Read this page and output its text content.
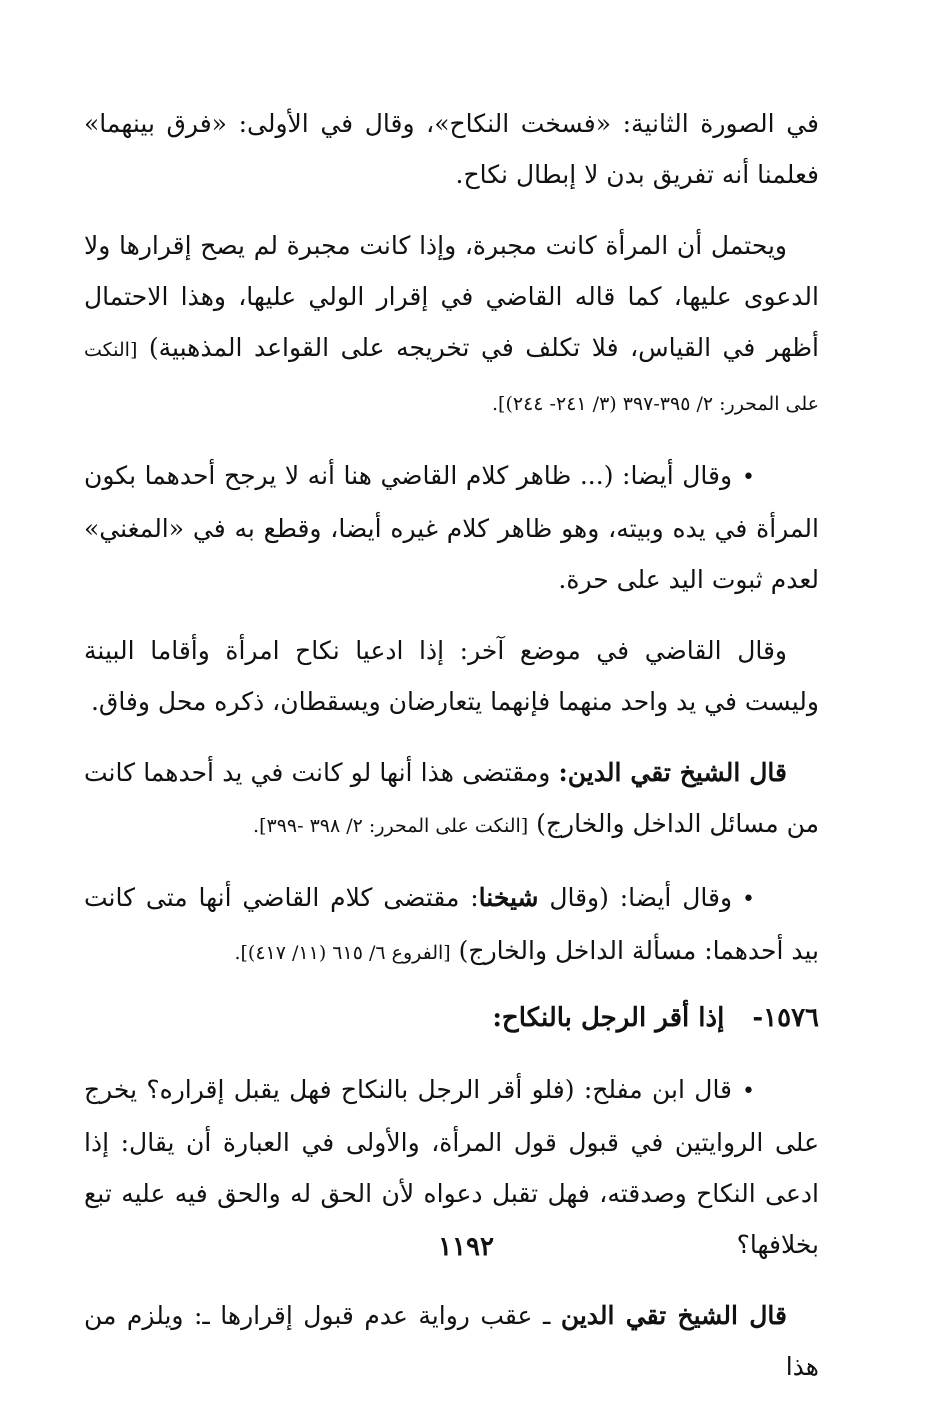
في الصورة الثانية: «فسخت النكاح»، وقال في الأولى: «فرق بينهما» فعلمنا أنه تفريق بدن لا إبطال نكاح.

ويحتمل أن المرأة كانت مجبرة، وإذا كانت مجبرة لم يصح إقرارها ولا الدعوى عليها، كما قاله القاضي في إقرار الولي عليها، وهذا الاحتمال أظهر في القياس، فلا تكلف في تخريجه على القواعد المذهبية) [النكت على المحرر: ٢/ ٣٩٥-٣٩٧ (٣/ ٢٤١- ٢٤٤)].

•وقال أيضا: (... ظاهر كلام القاضي هنا أنه لا يرجح أحدهما بكون المرأة في يده وبيته، وهو ظاهر كلام غيره أيضا، وقطع به في «المغني» لعدم ثبوت اليد على حرة.

وقال القاضي في موضع آخر: إذا ادعيا نكاح امرأة وأقاما البينة وليست في يد واحد منهما فإنهما يتعارضان ويسقطان، ذكره محل وفاق.

قال الشيخ تقي الدين: ومقتضى هذا أنها لو كانت في يد أحدهما كانت من مسائل الداخل والخارج) [النكت على المحرر: ٢/ ٣٩٨ -٣٩٩].

•وقال أيضا: (وقال شيخنا: مقتضى كلام القاضي أنها متى كانت بيد أحدهما: مسألة الداخل والخارج) [الفروع ٦/ ٦١٥ (١١/ ٤١٧)].

١٥٧٦-إذا أقر الرجل بالنكاح:

•قال ابن مفلح: (فلو أقر الرجل بالنكاح فهل يقبل إقراره؟ يخرج على الروايتين في قبول قول المرأة، والأولى في العبارة أن يقال: إذا ادعى النكاح وصدقته، فهل تقبل دعواه لأن الحق له والحق فيه عليه تبع بخلافها؟

قال الشيخ تقي الدين ـ عقب رواية عدم قبول إقرارها ـ: ويلزم من هذا

١١٩٢
